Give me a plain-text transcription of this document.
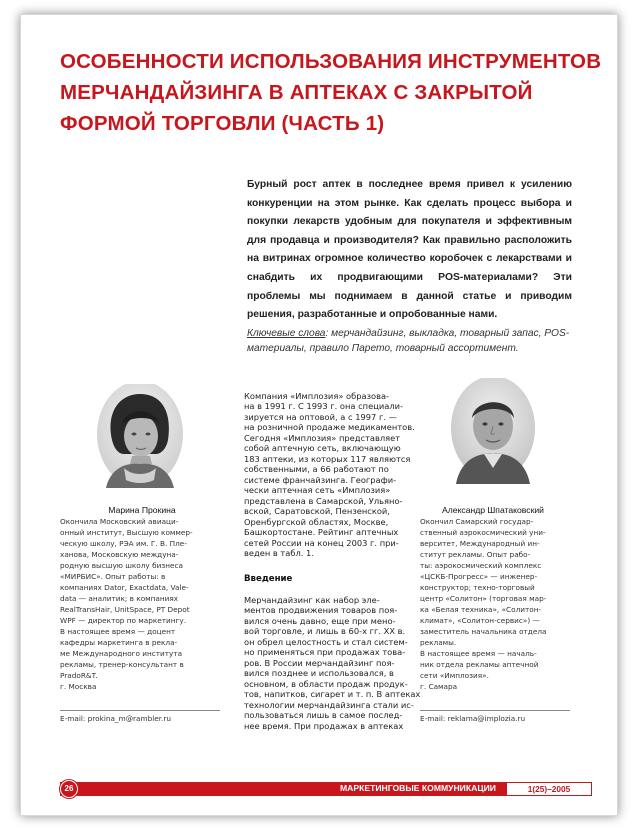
ОСОБЕННОСТИ ИСПОЛЬЗОВАНИЯ ИНСТРУМЕНТОВ
МЕРЧАНДАЙЗИНГА В АПТЕКАХ С ЗАКРЫТОЙ
ФОРМОЙ ТОРГОВЛИ (ЧАСТЬ 1)

Бурный рост аптек в последнее время привел к усилению конкуренции на этом рынке. Как сделать процесс выбора и покупки лекарств удобным для покупателя и эффективным для продавца и производителя? Как правильно расположить на витринах огромное количество коробочек с лекарствами и снабдить их продвигающими POS-материалами? Эти проблемы мы поднимаем в данной статье и приводим решения, разработанные и опробованные нами.

Ключевые слова: мерчандайзинг, выкладка, товарный запас, POS-материалы, правило Парето, товарный ассортимент.

Марина Прокина
Окончила Московский авиаци-
онный институт, Высшую коммер-
ческую школу, РЭА им. Г. В. Пле-
ханова, Московскую междуна-
родную высшую школу бизнеса
«МИРБИС». Опыт работы: в
компаниях Dator, Exactdata, Vale-
data — аналитик; в компаниях
RealTransHair, UnitSpace, PT Depot
WPF — директор по маркетингу.
В настоящее время — доцент
кафедры маркетинга в рекла-
ме Международного института
рекламы, тренер-консультант в
PradoR&T.
г. Москва
E-mail: prokina_m@rambler.ru
Александр Шпатаковский
Окончил Самарский государ-
ственный аэрокосмический уни-
верситет, Международный ин-
ститут рекламы. Опыт рабо-
ты: аэрокосмический комплекс
«ЦСКБ-Прогресс» — инженер-
конструктор; техно-торговый
центр «Солитон» (торговая мар-
ка «Белая техника», «Солитон-
климат», «Солитон-сервис») —
заместитель начальника отдела
рекламы.
В настоящее время — началь-
ник отдела рекламы аптечной
сети «Имплозия».
г. Самара
E-mail: reklama@implozia.ru

Компания «Имплозия» образова-
на в 1991 г. С 1993 г. она специали-
зируется на оптовой, а с 1997 г. —
на розничной продаже медикаментов.
Сегодня «Имплозия» представляет
собой аптечную сеть, включающую
183 аптеки, из которых 117 являются
собственными, а 66 работают по
системе франчайзинга. Географи-
чески аптечная сеть «Имплозия»
представлена в Самарской, Ульяно-
вской, Саратовской, Пензенской,
Оренбургской областях, Москве,
Башкортостане. Рейтинг аптечных
сетей России на конец 2003 г. при-
веден в табл. 1.

Введение

Мерчандайзинг как набор эле-
ментов продвижения товаров поя-
вился очень давно, еще при мено-
вой торговле, и лишь в 60-х гг. XX в.
он обрел целостность и стал систем-
но применяться при продажах това-
ров. В России мерчандайзинг поя-
вился позднее и использовался, в
основном, в области продаж продук-
тов, напитков, сигарет и т. п. В аптеках
технологии мерчандайзинга стали ис-
пользоваться лишь в самое послед-
нее время. При продажах в аптеках

26	МАРКЕТИНГОВЫЕ КОММУНИКАЦИИ	1(25)–2005
